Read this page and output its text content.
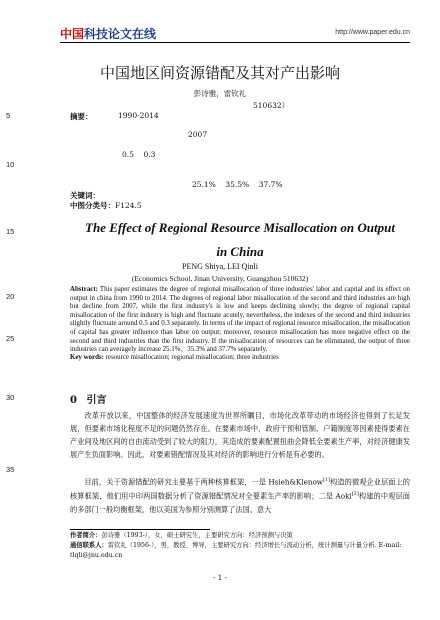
中国科技论文在线	http://www.paper.edu.cn
5
10
15
20
25
30
35
中国地区间资源错配及其对产出影响
彭诗雅，雷钦礼
510632）
摘要：	1990-2014
2007
0.5    0.3
25.1%    35.5%    37.7%
关键词：
中图分类号：F124.5
The Effect of Regional Resource Misallocation on Output
in China
PENG Shiya, LEI Qinli
(Economics School, Jinan University, Guangzhou 510632)
Abstract: This paper estimates the degree of regional misallocation of three industries' labor and capital and its effect on output in china from 1990 to 2014. The degrees of regional labor misallocation of the second and third industries are high but decline from 2007, while the first industry's is low and keeps declining slowly; the degree of regional capital misallocation of the first industry is high and fluctuate acutely, nevertheless, the indexes of the second and third industries slightly fluctuate around 0.5 and 0.3 separately. In terms of the impact of regional resource misallocation, the misallocation of capital has greater influence than labor on output; moreover, resource misallocation has more negative effect on the second and third industries than the first industry. If the misallocation of resources can be eliminated, the output of three industries can averagely increase 25.1%、35.3% and 37.7% separately.
Key words: resource misallocation; regional misallocation; three industries
0 引言
改革开放以来，中国整体的经济发展速度为世界所瞩目，市场化改革带动的市场经济也得到了长足发展，但要素市场化程度不足的问题仍然存在。在要素市场中，政府干预和管制、户籍制度等因素使得要素在产业间及地区间的自由流动受到了较大的阻力，其造成的要素配置扭曲会降低全要素生产率，对经济健康发展产生负面影响。因此，对要素错配情况及其对经济的影响进行分析是有必要的。
目前，关于资源错配的研究主要基于两种核算框架，一是 Hsieh&Klenow[1]构造的微观企业层面上的核算框架，他们用中印两国数据分析了资源错配情况对全要素生产率的影响；二是 Aoki[2]构建的中观层面的多部门一般均衡框架，他以美国为参照分别测算了法国、意大
作者简介：彭诗雅（1993-），女，硕士研究生，主要研究方向：经济预测与决策
通信联系人：雷钦礼（1956-），男，教授、博导，主要研究方向：经济增长与流动分析，统计测量与计量分析. E-mail: tlqli@jnu.edu.cn
- 1 -
